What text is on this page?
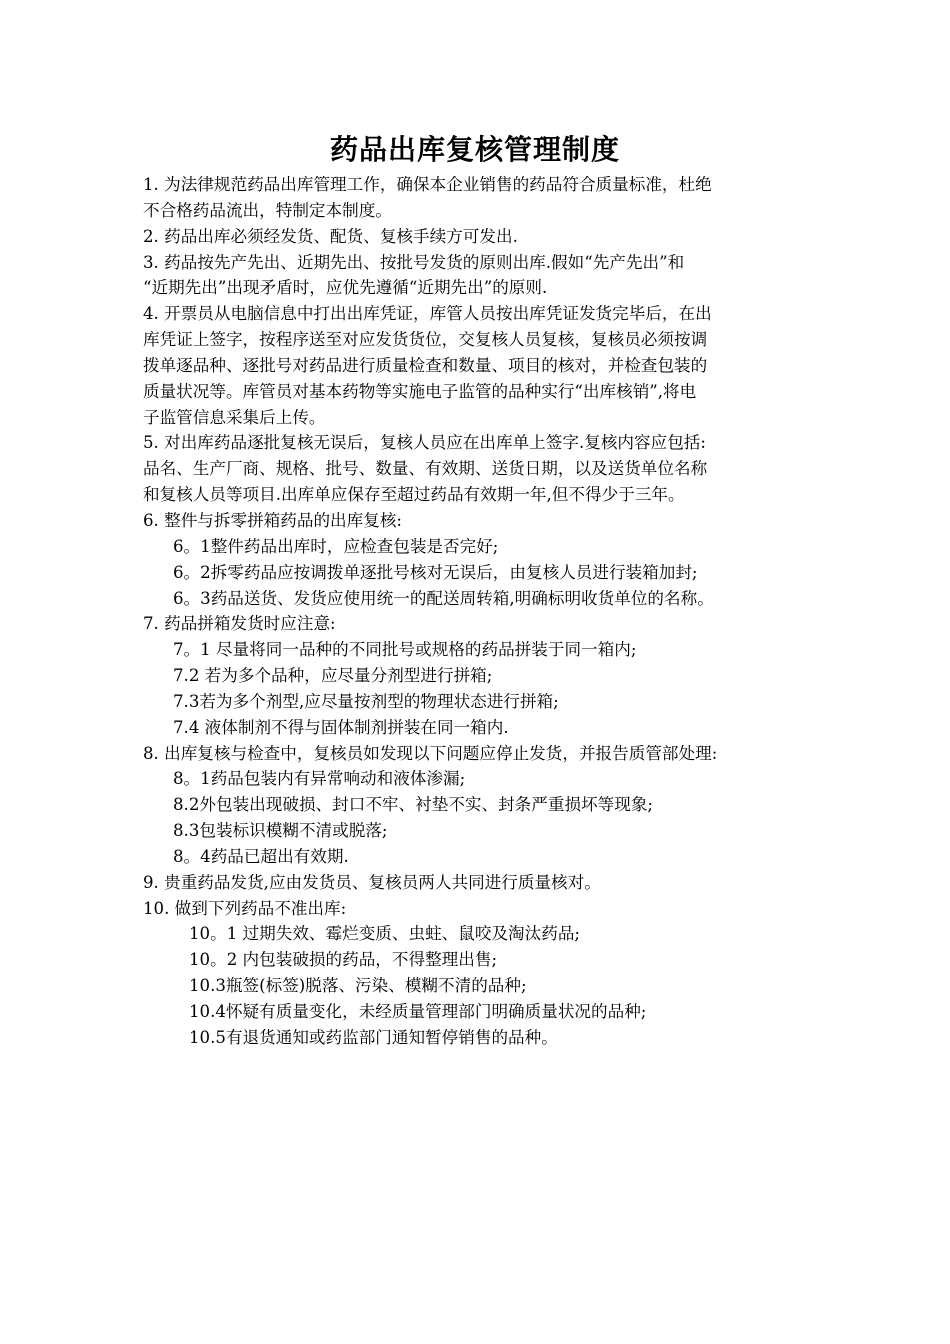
药品出库复核管理制度
1. 为法律规范药品出库管理工作，确保本企业销售的药品符合质量标准，杜绝
不合格药品流出，特制定本制度。
2. 药品出库必须经发货、配货、复核手续方可发出.
3. 药品按先产先出、近期先出、按批号发货的原则出库.假如“先产先出”和
“近期先出”出现矛盾时，应优先遵循“近期先出”的原则.
4. 开票员从电脑信息中打出出库凭证，库管人员按出库凭证发货完毕后，在出
库凭证上签字，按程序送至对应发货货位，交复核人员复核，复核员必须按调
拨单逐品种、逐批号对药品进行质量检查和数量、项目的核对，并检查包装的
质量状况等。库管员对基本药物等实施电子监管的品种实行“出库核销”,将电
子监管信息采集后上传。
5. 对出库药品逐批复核无误后，复核人员应在出库单上签字.复核内容应包括:
品名、生产厂商、规格、批号、数量、有效期、送货日期，以及送货单位名称
和复核人员等项目.出库单应保存至超过药品有效期一年,但不得少于三年。
6. 整件与拆零拼箱药品的出库复核:
6。1整件药品出库时，应检查包装是否完好;
6。2拆零药品应按调拨单逐批号核对无误后，由复核人员进行装箱加封;
6。3药品送货、发货应使用统一的配送周转箱,明确标明收货单位的名称。
7. 药品拼箱发货时应注意:
7。1 尽量将同一品种的不同批号或规格的药品拼装于同一箱内;
7.2 若为多个品种，应尽量分剂型进行拼箱;
7.3若为多个剂型,应尽量按剂型的物理状态进行拼箱;
7.4 液体制剂不得与固体制剂拼装在同一箱内.
8. 出库复核与检查中，复核员如发现以下问题应停止发货，并报告质管部处理:
8。1药品包装内有异常响动和液体渗漏;
8.2外包装出现破损、封口不牢、衬垫不实、封条严重损坏等现象;
8.3包装标识模糊不清或脱落;
8。4药品已超出有效期.
9. 贵重药品发货,应由发货员、复核员两人共同进行质量核对。
10. 做到下列药品不准出库:
10。1 过期失效、霉烂变质、虫蛀、鼠咬及淘汰药品;
10。2 内包装破损的药品，不得整理出售;
10.3瓶签(标签)脱落、污染、模糊不清的品种;
10.4怀疑有质量变化，未经质量管理部门明确质量状况的品种;
10.5有退货通知或药监部门通知暂停销售的品种。
